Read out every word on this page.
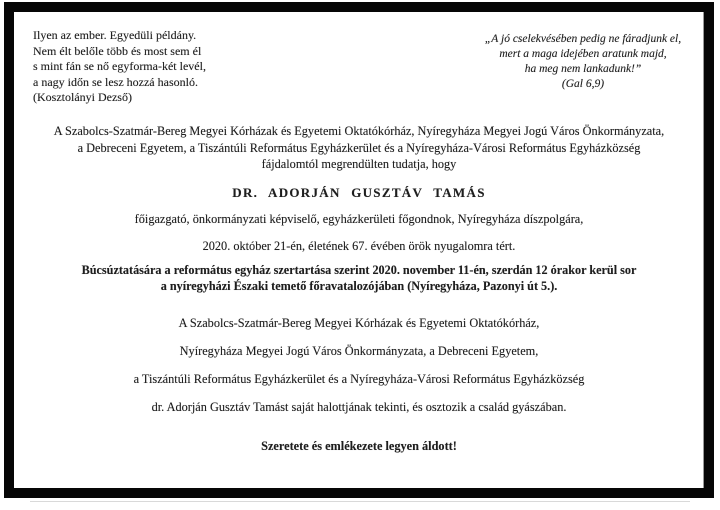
Ilyen az ember. Egyedüli példány.
Nem élt belőle több és most sem él
s mint fán se nő egyforma-két levél,
a nagy időn se lesz hozzá hasonló.
(Kosztolányi Dezső)
„A jó cselekvésében pedig ne fáradjunk el,
mert a maga idejében aratunk majd,
ha meg nem lankadunk!”
(Gal 6,9)
A Szabolcs-Szatmár-Bereg Megyei Kórházak és Egyetemi Oktatókórház, Nyíregyháza Megyei Jogú Város Önkormányzata,
a Debreceni Egyetem, a Tiszántúli Református Egyházkerület és a Nyíregyháza-Városi Református Egyházközség
fájdalomtól megrendülten tudatja, hogy
DR. ADORJÁN GUSZTÁV TAMÁS
főigazgató, önkormányzati képviselő, egyházkerületi főgondnok, Nyíregyháza díszpolgára,
2020. október 21-én, életének 67. évében örök nyugalomra tért.
Búcsúztatására a református egyház szertartása szerint 2020. november 11-én, szerdán 12 órakor kerül sor
a nyíregyházi Északi temető főravatalozójában (Nyíregyháza, Pazonyi út 5.).
A Szabolcs-Szatmár-Bereg Megyei Kórházak és Egyetemi Oktatókórház,
Nyíregyháza Megyei Jogú Város Önkormányzata, a Debreceni Egyetem,
a Tiszántúli Református Egyházkerület és a Nyíregyháza-Városi Református Egyházközség
dr. Adorján Gusztáv Tamást saját halottjának tekinti, és osztozik a család gyászában.
Szeretete és emlékezete legyen áldott!
